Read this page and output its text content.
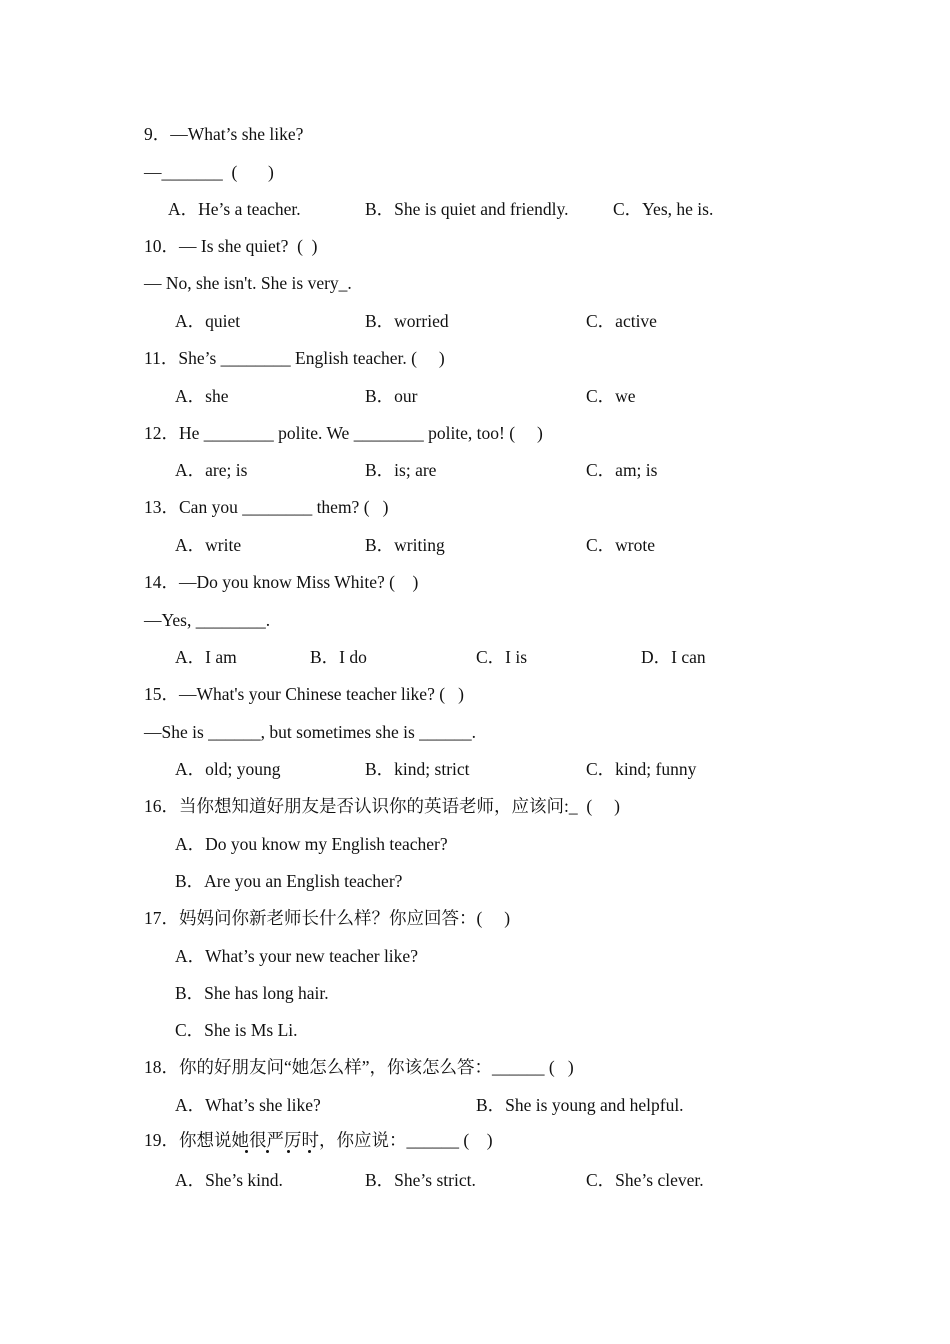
9．—What’s she like?
—_______  (       )
A．He’s a teacher.	B．She is quiet and friendly.	C．Yes, he is.
10．— Is she quiet?  (  )
— No, she isn't. She is very_.
A．quiet	B．worried	C．active
11．She’s ________ English teacher. (     )
A．she	B．our	C．we
12．He ________ polite. We ________ polite, too! (     )
A．are; is	B．is; are	C．am; is
13．Can you ________ them? (   )
A．write	B．writing	C．wrote
14．—Do you know Miss White? (    )
—Yes, ________.
A．I am	B．I do	C．I is	D．I can
15．—What's your Chinese teacher like? (   )
—She is ______, but sometimes she is ______.
A．old; young	B．kind; strict	C．kind; funny
16．当你想知道好朋友是否认识你的英语老师，应该问:_  (     )
A．Do you know my English teacher?
B．Are you an English teacher?
17．妈妈问你新老师长什么样？你应回答：(     )
A．What’s your new teacher like?
B．She has long hair.
C．She is Ms Li.
18．你的好朋友问“她怎么样”，你该怎么答：______ (   )
A．What’s she like?	B．She is young and helpful.
19．你想说她很严厉时，你应说：______ (    )
A．She’s kind.	B．She’s strict.	C．She’s clever.
